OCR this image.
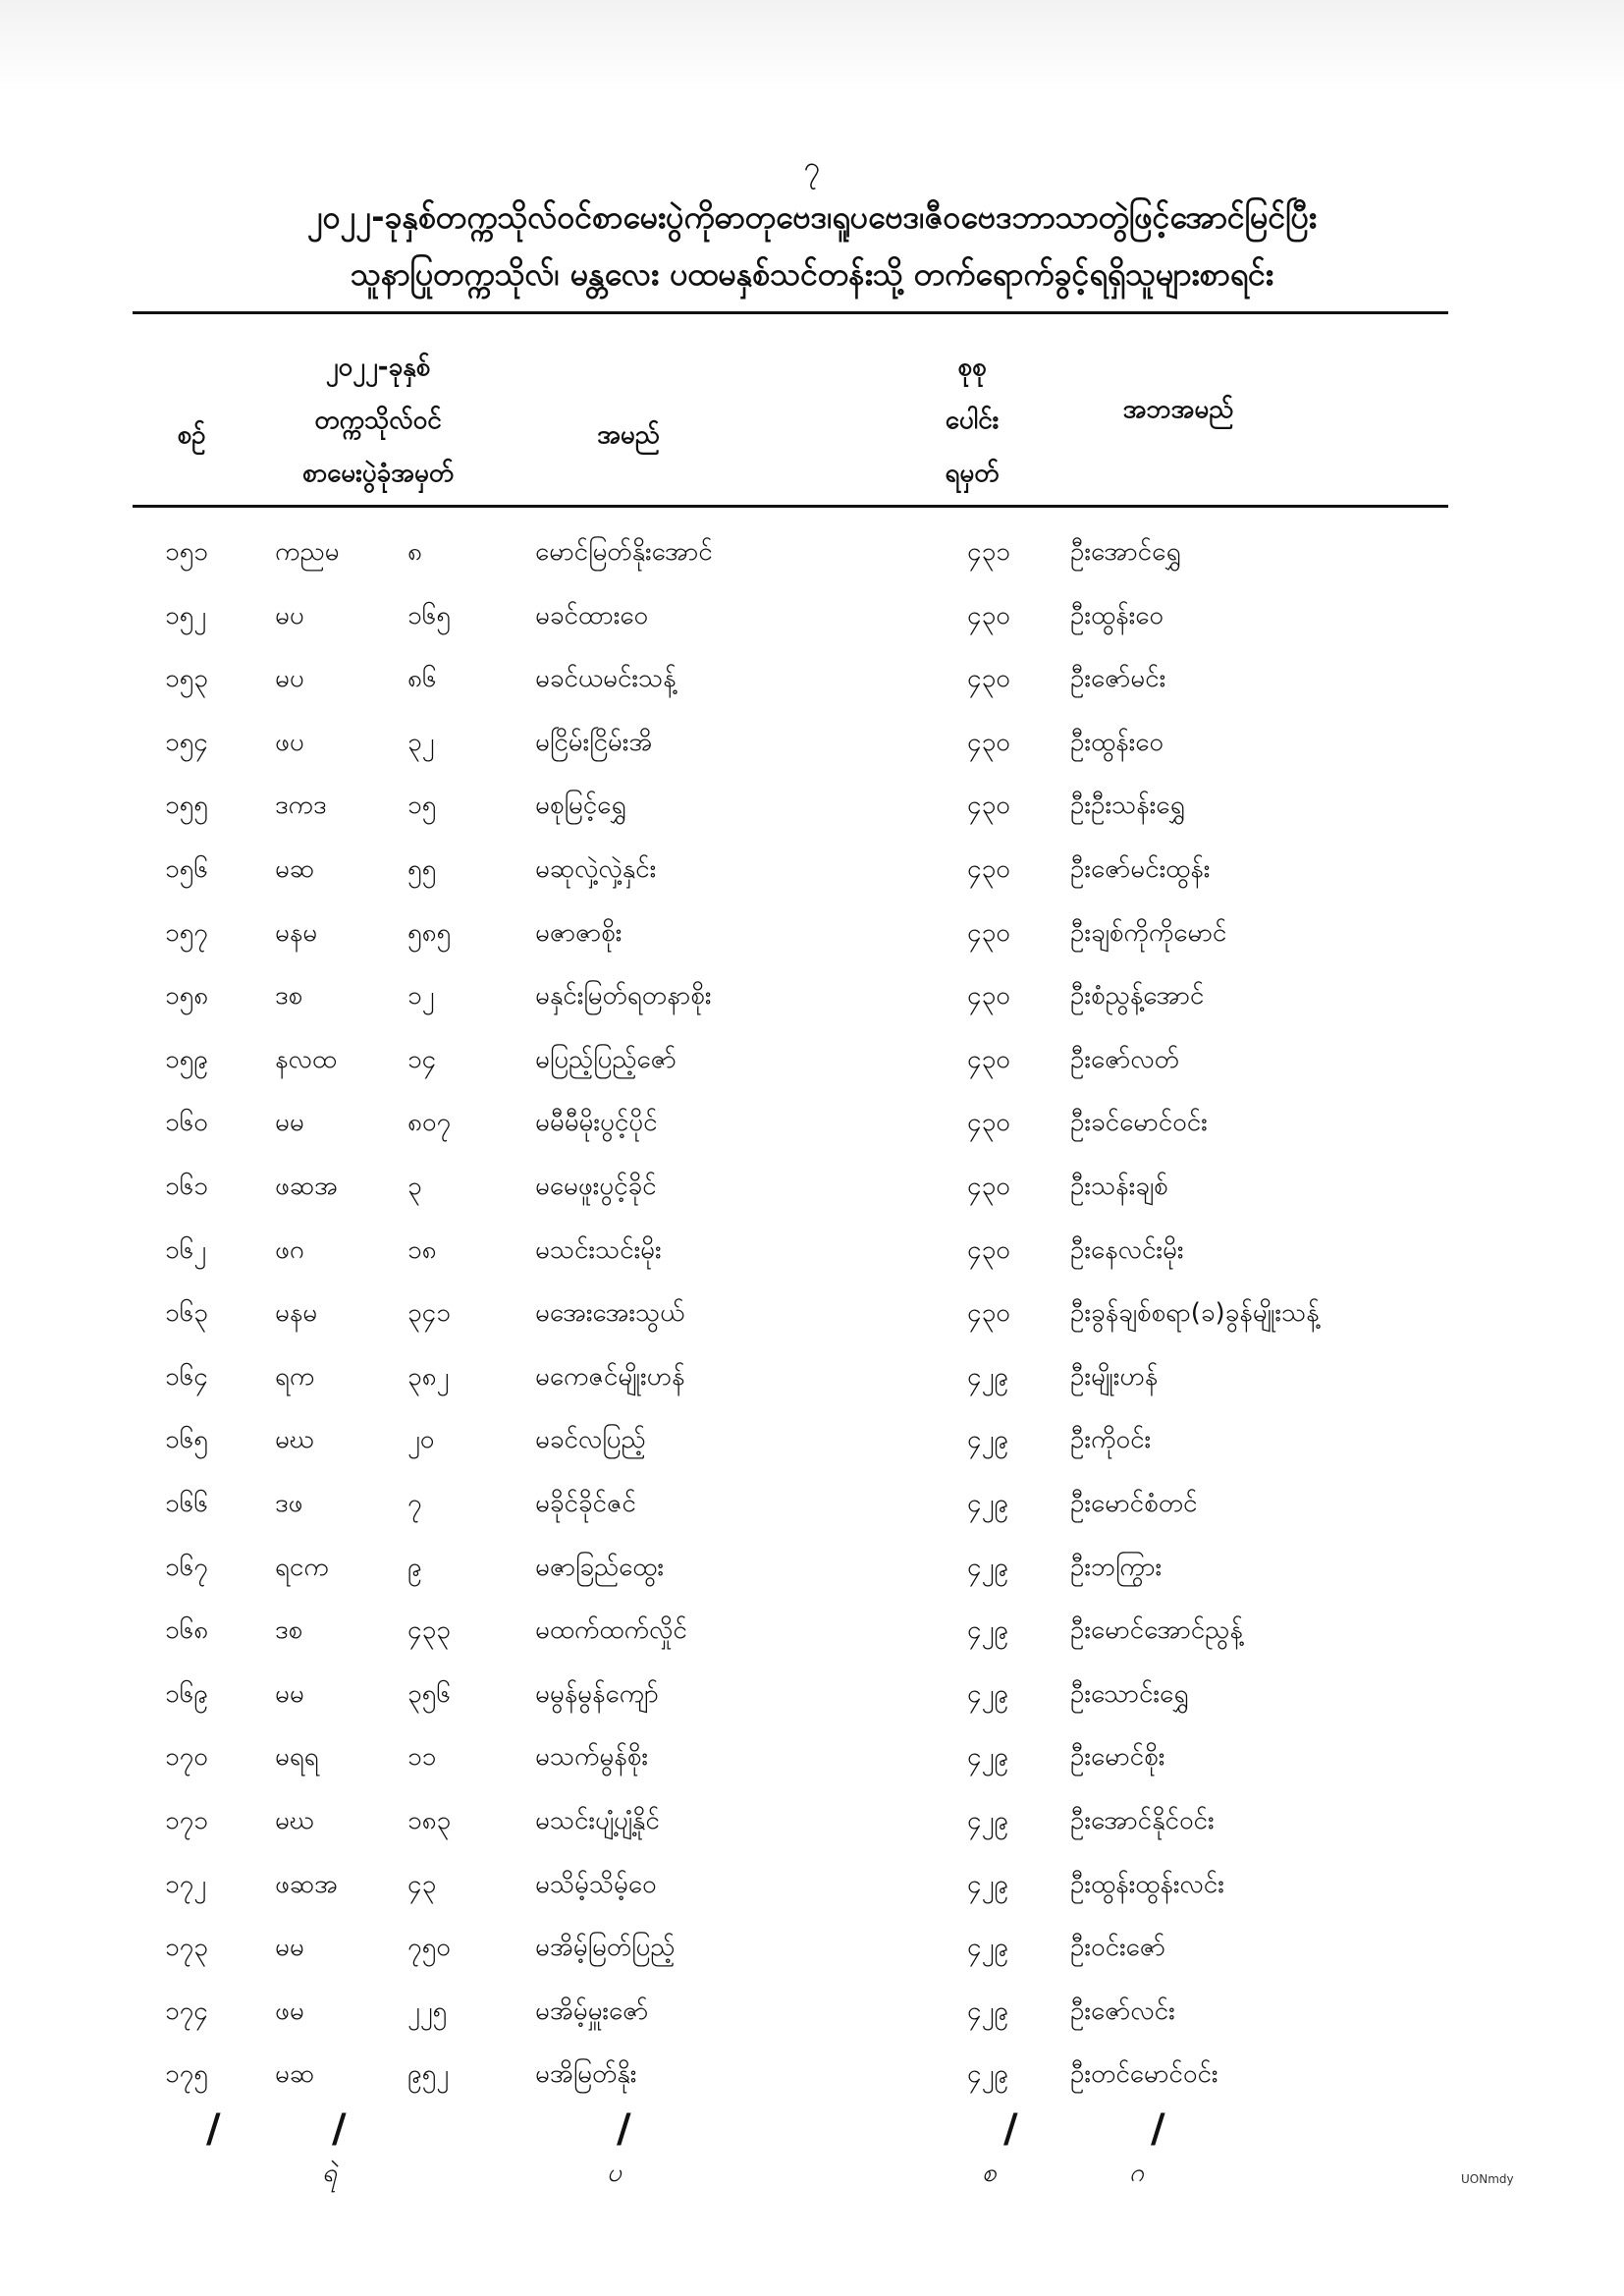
၇
၂၀၂၂-ခုနှစ်တက္ကသိုလ်ဝင်စာမေးပွဲကိုဓာတုဗေဒ၊ရူပဗေဒ၊ဇီဝဗေဒဘာသာတွဲဖြင့်အောင်မြင်ပြီး
သူနာပြုတက္ကသိုလ်၊ မန္တလေး ပထမနှစ်သင်တန်းသို့ တက်ရောက်ခွင့်ရရှိသူများစာရင်း
စဉ်
၂၀၂၂-ခုနှစ်
တက္ကသိုလ်ဝင်
စာမေးပွဲခုံအမှတ်
အမည်
စုစု
ပေါင်း
ရမှတ်
အဘအမည်
၁၅၁	ကညမ	၈	မောင်မြတ်နိုးအောင်	၄၃၁ ဦးအောင်ရွှေ
၁၅၂	မပ	၁၆၅	မခင်ထားဝေ	၄၃၀ ဦးထွန်းဝေ
၁၅၃	မပ	၈၆	မခင်ယမင်းသန့်	၄၃၀ ဦးဇော်မင်း
၁၅၄	ဖပ	၃၂	မငြိမ်းငြိမ်းအိ	၄၃၀ ဦးထွန်းဝေ
၁၅၅	ဒကဒ	၁၅	မစုမြင့်ရွှေ	၄၃၀ ဦးဦးသန်းရွှေ
၁၅၆	မဆ	၅၅	မဆုလှဲ့လှဲ့နှင်း	၄၃၀ ဦးဇော်မင်းထွန်း
၁၅၇	မနမ	၅၈၅	မဇာဇာစိုး	၄၃၀ ဦးချစ်ကိုကိုမောင်
၁၅၈	ဒစ	၁၂	မနှင်းမြတ်ရတနာစိုး	၄၃၀ ဦးစံညွန့်အောင်
၁၅၉	နလထ	၁၄	မပြည့်ပြည့်ဇော်	၄၃၀ ဦးဇော်လတ်
၁၆၀	မမ	၈၀၇	မမီမီမိုးပွင့်ပိုင်	၄၃၀ ဦးခင်မောင်ဝင်း
၁၆၁	ဖဆအ	၃	မမေဖူးပွင့်ခိုင်	၄၃၀ ဦးသန်းချစ်
၁၆၂	ဖဂ	၁၈	မသင်းသင်းမိုး	၄၃၀ ဦးနေလင်းမိုး
၁၆၃	မနမ	၃၄၁	မအေးအေးသွယ်	၄၃၀ ဦးခွန်ချစ်စရာ(ခ)ခွန်မျိုးသန့်
၁၆၄	ရက	၃၈၂	မကေဇင်မျိုးဟန်	၄၂၉ ဦးမျိုးဟန်
၁၆၅	မဃ	၂၀	မခင်လပြည့်	၄၂၉ ဦးကိုဝင်း
၁၆၆	ဒဖ	၇	မခိုင်ခိုင်ဇင်	၄၂၉ ဦးမောင်စံတင်
၁၆၇	ရငက	၉	မဇာခြည်ထွေး	၄၂၉ ဦးဘကြွား
၁၆၈	ဒစ	၄၃၃	မထက်ထက်လှိုင်	၄၂၉ ဦးမောင်အောင်ညွန့်
၁၆၉	မမ	၃၅၆	မမွန်မွန်ကျော်	၄၂၉ ဦးသောင်းရွှေ
၁၇၀	မရရ	၁၁	မသက်မွန်စိုး	၄၂၉ ဦးမောင်စိုး
၁၇၁	မဃ	၁၈၃	မသင်းပျံ့ပျံ့နိုင်	၄၂၉ ဦးအောင်နိုင်ဝင်း
၁၇၂	ဖဆအ	၄၃	မသိမ့်သိမ့်ဝေ	၄၂၉ ဦးထွန်းထွန်းလင်း
၁၇၃	မမ	၇၅၀	မအိမ့်မြတ်ပြည့်	၄၂၉ ဦးဝင်းဇော်
၁၇၄	ဖမ	၂၂၅	မအိမ့်မှူးဇော်	၄၂၉ ဦးဇော်လင်း
၁၇၅	မဆ	၉၅၂	မအိမြတ်နိုး	၄၂၉ ဦးတင်မောင်ဝင်း
/	/	/	/	/
ရဲ	ပ	စ	ဂ	UONmdy
